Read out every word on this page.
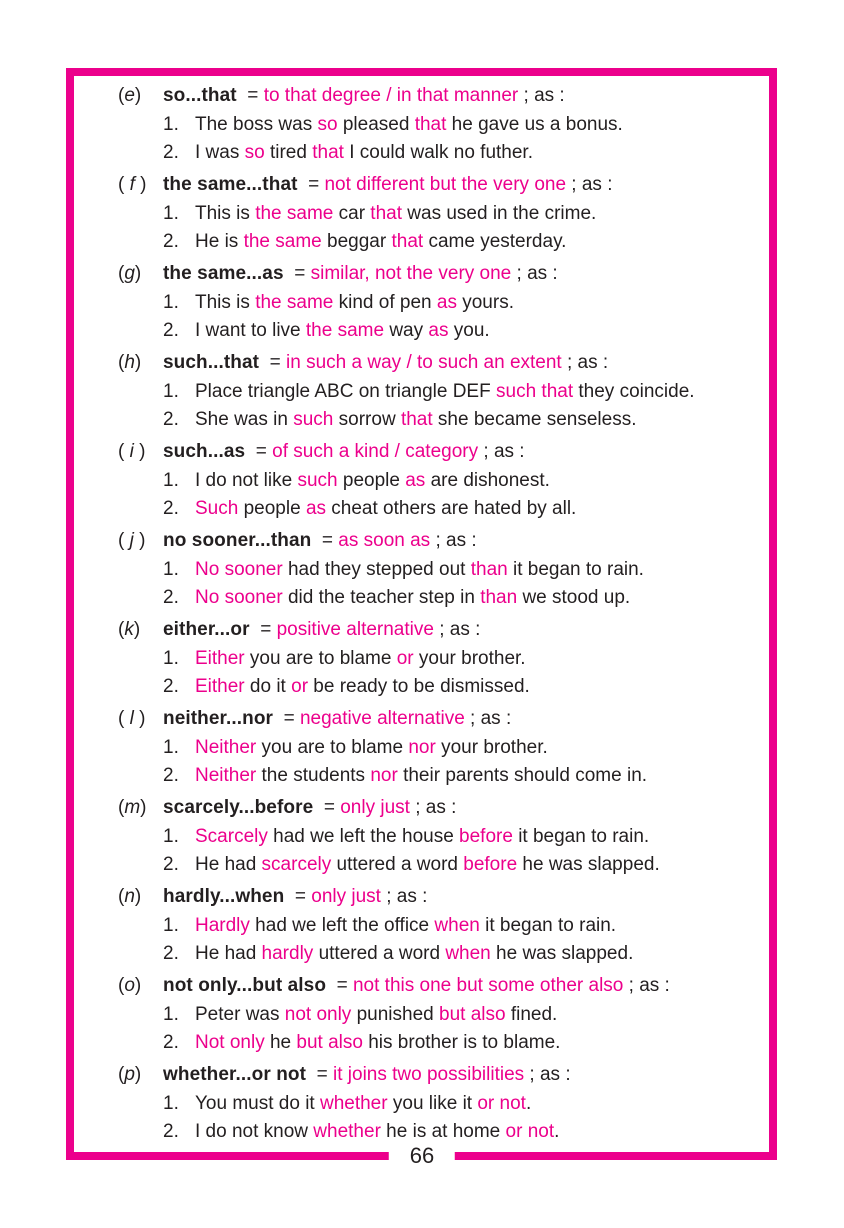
(e)	so...that  = to that degree / in that manner ; as :
1. The boss was so pleased that he gave us a bonus.
2. I was so tired that I could walk no futher.
( f ) the same...that  = not different but the very one ; as :
1. This is the same car that was used in the crime.
2. He is the same beggar that came yesterday.
(g)	the same...as  = similar, not the very one ; as :
1. This is the same kind of pen as yours.
2. I want to live the same way as you.
(h)	such...that  = in such a way / to such an extent ; as :
1. Place triangle ABC on triangle DEF such that they coincide.
2. She was in such sorrow that she became senseless.
( i ) such...as  = of such a kind / category ; as :
1. I do not like such people as are dishonest.
2. Such people as cheat others are hated by all.
( j ) no sooner...than  = as soon as ; as :
1. No sooner had they stepped out than it began to rain.
2. No sooner did the teacher step in than we stood up.
(k)	either...or  = positive alternative ; as :
1. Either you are to blame or your brother.
2. Either do it or be ready to be dismissed.
( l ) neither...nor  = negative alternative ; as :
1. Neither you are to blame nor your brother.
2. Neither the students nor their parents should come in.
(m) scarcely...before  = only just ; as :
1. Scarcely had we left the house before it began to rain.
2. He had scarcely uttered a word before he was slapped.
(n)	hardly...when  = only just ; as :
1. Hardly had we left the office when it began to rain.
2. He had hardly uttered a word when he was slapped.
(o)	not only...but also  = not this one but some other also ; as :
1. Peter was not only punished but also fined.
2. Not only he but also his brother is to blame.
(p)	whether...or not  = it joins two possibilities ; as :
1. You must do it whether you like it or not.
2. I do not know whether he is at home or not.
66
